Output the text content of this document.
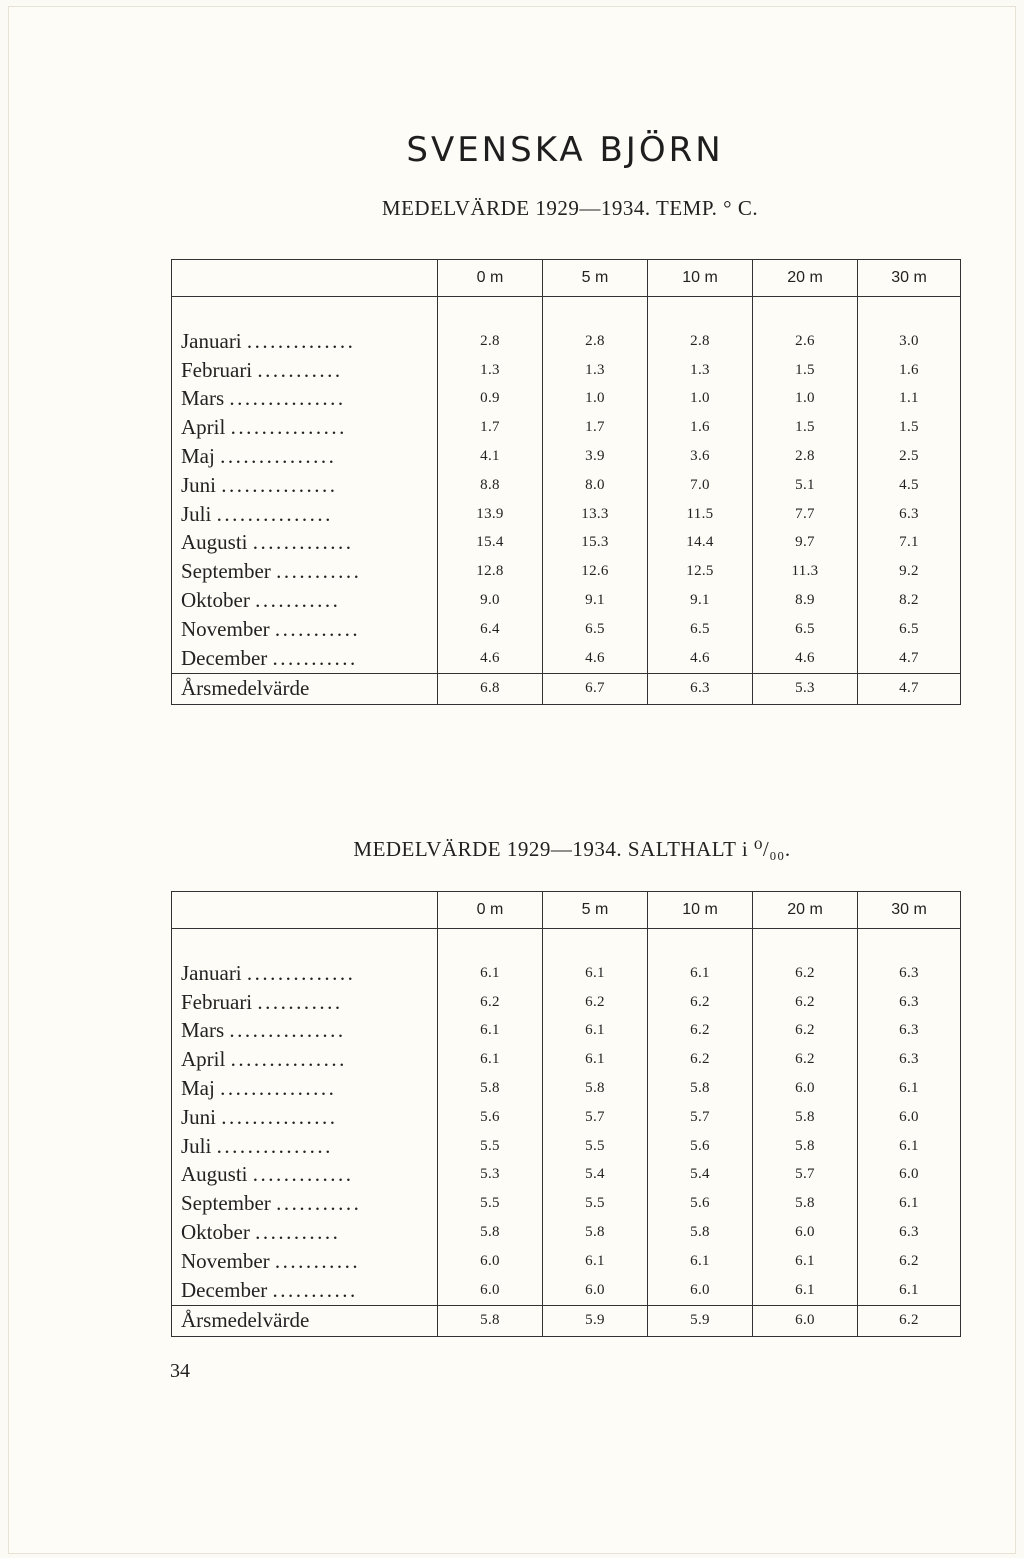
SVENSKA BJÖRN
MEDELVÄRDE 1929—1934. TEMP. ° C.
	0 m	5 m	10 m	20 m	30 m

Januari ..............	2.8	2.8	2.8	2.6	3.0
Februari ...........	1.3	1.3	1.3	1.5	1.6
Mars ...............	0.9	1.0	1.0	1.0	1.1
April ...............	1.7	1.7	1.6	1.5	1.5
Maj ...............	4.1	3.9	3.6	2.8	2.5
Juni ...............	8.8	8.0	7.0	5.1	4.5
Juli ...............	13.9	13.3	11.5	7.7	6.3
Augusti .............	15.4	15.3	14.4	9.7	7.1
September ...........	12.8	12.6	12.5	11.3	9.2
Oktober ...........	9.0	9.1	9.1	8.9	8.2
November ...........	6.4	6.5	6.5	6.5	6.5
December ...........	4.6	4.6	4.6	4.6	4.7
Årsmedelvärde	6.8	6.7	6.3	5.3	4.7
MEDELVÄRDE 1929—1934. SALTHALT i ⁰/₀₀.
	0 m	5 m	10 m	20 m	30 m

Januari ..............	6.1	6.1	6.1	6.2	6.3
Februari ...........	6.2	6.2	6.2	6.2	6.3
Mars ...............	6.1	6.1	6.2	6.2	6.3
April ...............	6.1	6.1	6.2	6.2	6.3
Maj ...............	5.8	5.8	5.8	6.0	6.1
Juni ...............	5.6	5.7	5.7	5.8	6.0
Juli ...............	5.5	5.5	5.6	5.8	6.1
Augusti .............	5.3	5.4	5.4	5.7	6.0
September ...........	5.5	5.5	5.6	5.8	6.1
Oktober ...........	5.8	5.8	5.8	6.0	6.3
November ...........	6.0	6.1	6.1	6.1	6.2
December ...........	6.0	6.0	6.0	6.1	6.1
Årsmedelvärde	5.8	5.9	5.9	6.0	6.2
34
